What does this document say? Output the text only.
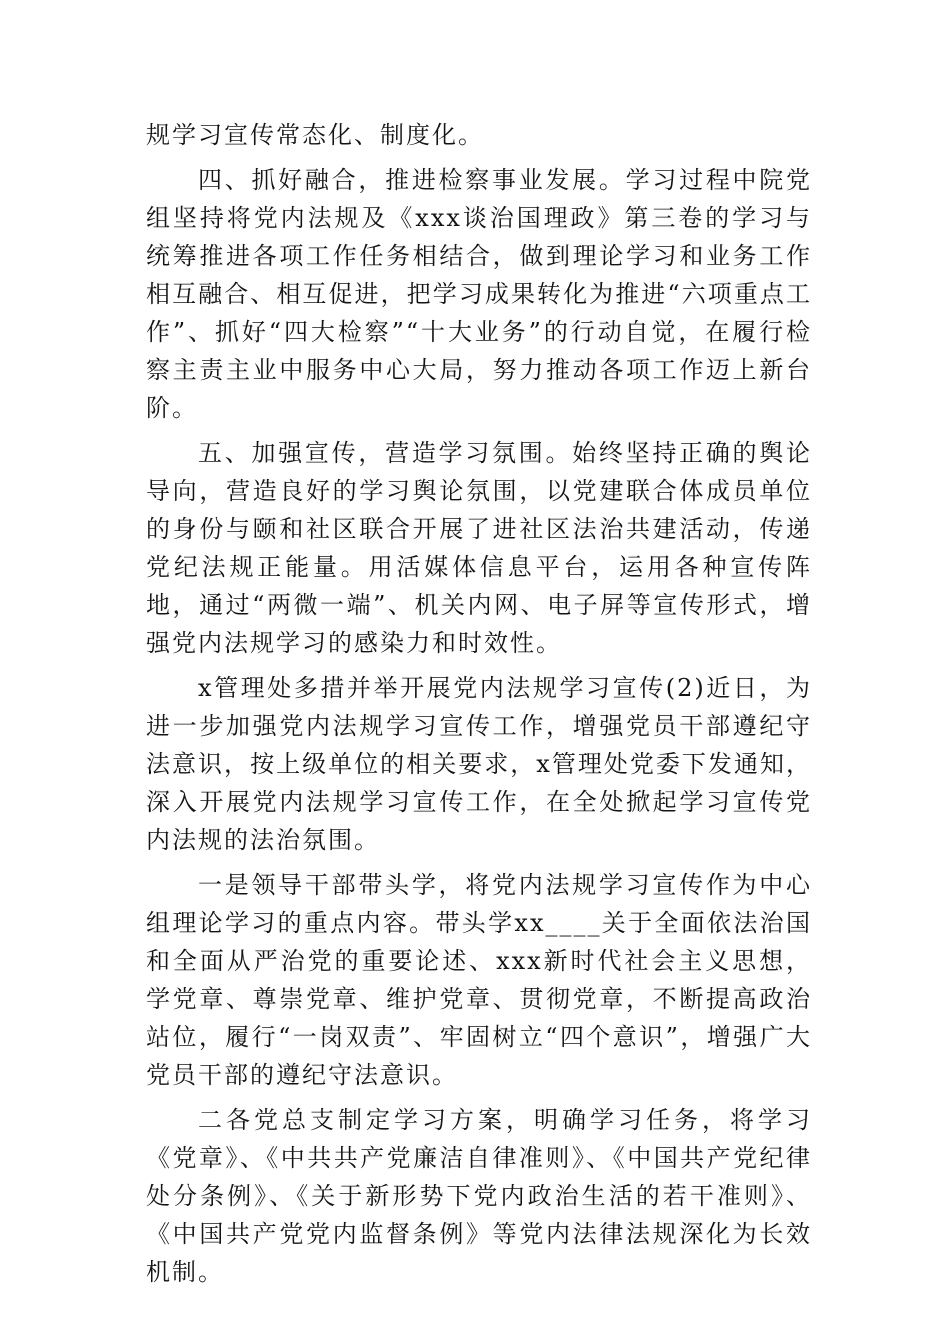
规学习宣传常态化、制度化。

四、抓好融合，推进检察事业发展。学习过程中院党组坚持将党内法规及《xxx谈治国理政》第三卷的学习与统筹推进各项工作任务相结合，做到理论学习和业务工作相互融合、相互促进，把学习成果转化为推进“六项重点工作”、抓好“四大检察”“十大业务”的行动自觉，在履行检察主责主业中服务中心大局，努力推动各项工作迈上新台阶。

五、加强宣传，营造学习氛围。始终坚持正确的舆论导向，营造良好的学习舆论氛围，以党建联合体成员单位的身份与颐和社区联合开展了进社区法治共建活动，传递党纪法规正能量。用活媒体信息平台，运用各种宣传阵地，通过“两微一端”、机关内网、电子屏等宣传形式，增强党内法规学习的感染力和时效性。

x管理处多措并举开展党内法规学习宣传(2)近日，为进一步加强党内法规学习宣传工作，增强党员干部遵纪守法意识，按上级单位的相关要求，x管理处党委下发通知，深入开展党内法规学习宣传工作，在全处掀起学习宣传党内法规的法治氛围。

一是领导干部带头学，将党内法规学习宣传作为中心组理论学习的重点内容。带头学xx____关于全面依法治国和全面从严治党的重要论述、xxx新时代社会主义思想，学党章、尊崇党章、维护党章、贯彻党章，不断提高政治站位，履行“一岗双责”、牢固树立“四个意识”，增强广大党员干部的遵纪守法意识。

二各党总支制定学习方案，明确学习任务，将学习《党章》、《中共共产党廉洁自律准则》、《中国共产党纪律处分条例》、《关于新形势下党内政治生活的若干准则》、《中国共产党党内监督条例》等党内法律法规深化为长效机制。
